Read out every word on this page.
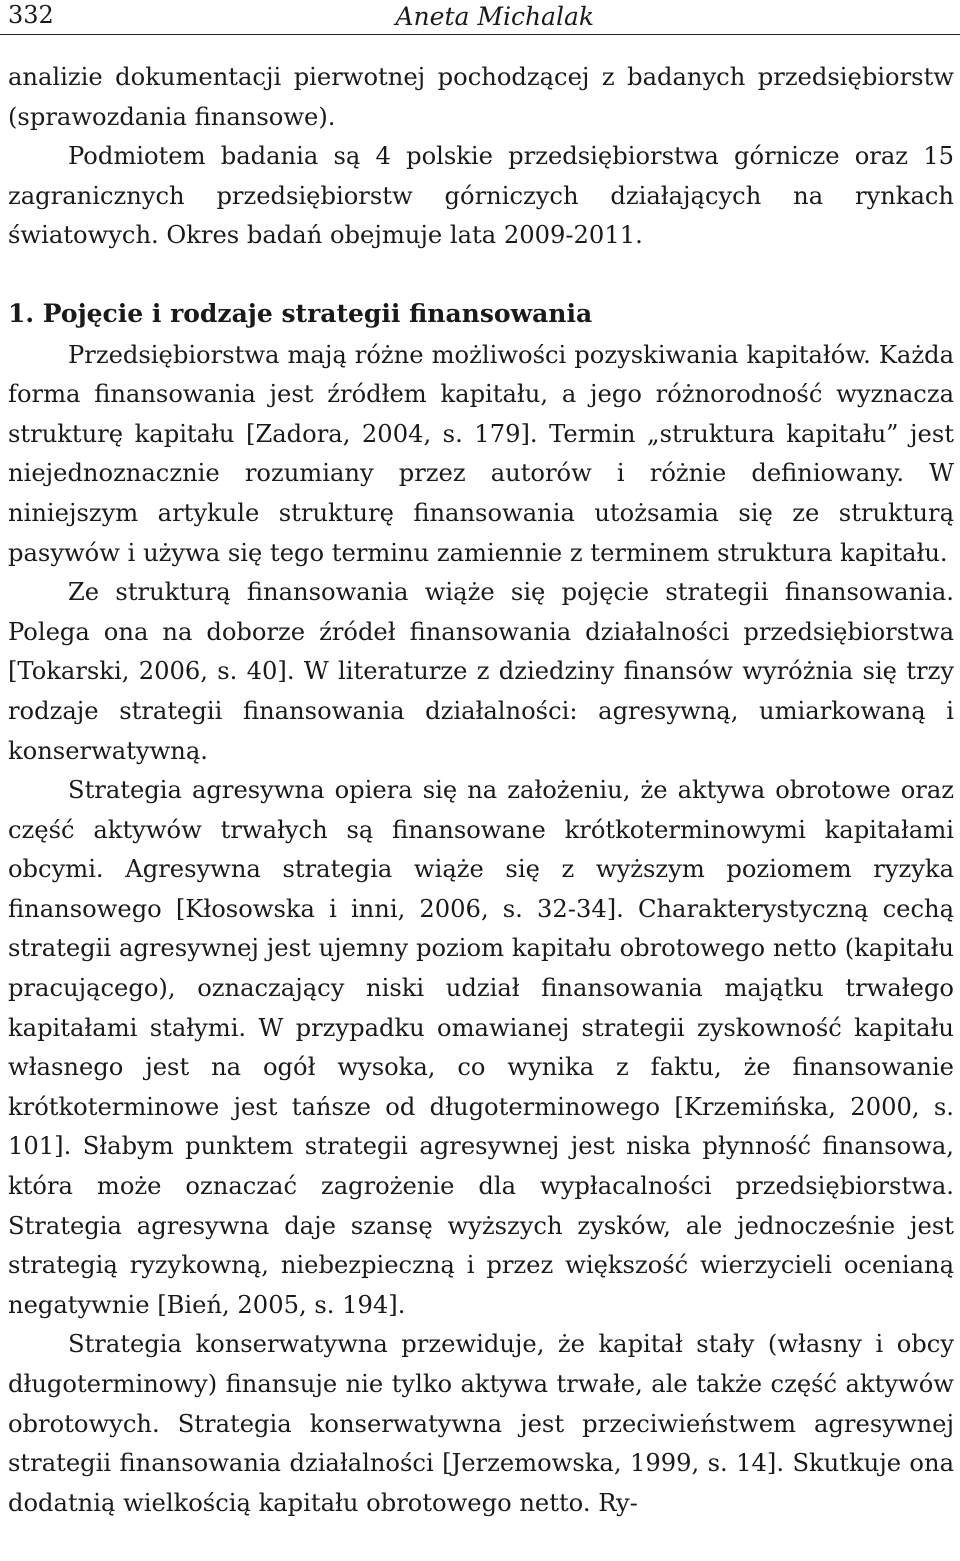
332	Aneta Michalak

analizie dokumentacji pierwotnej pochodzącej z badanych przedsiębiorstw (sprawozdania finansowe).

Podmiotem badania są 4 polskie przedsiębiorstwa górnicze oraz 15 zagranicznych przedsiębiorstw górniczych działających na rynkach światowych. Okres badań obejmuje lata 2009-2011.

1. Pojęcie i rodzaje strategii finansowania

Przedsiębiorstwa mają różne możliwości pozyskiwania kapitałów. Każda forma finansowania jest źródłem kapitału, a jego różnorodność wyznacza strukturę kapitału [Zadora, 2004, s. 179]. Termin „struktura kapitału” jest niejednoznacznie rozumiany przez autorów i różnie definiowany. W niniejszym artykule strukturę finansowania utożsamia się ze strukturą pasywów i używa się tego terminu zamiennie z terminem struktura kapitału.

Ze strukturą finansowania wiąże się pojęcie strategii finansowania. Polega ona na doborze źródeł finansowania działalności przedsiębiorstwa [Tokarski, 2006, s. 40]. W literaturze z dziedziny finansów wyróżnia się trzy rodzaje strategii finansowania działalności: agresywną, umiarkowaną i konserwatywną.

Strategia agresywna opiera się na założeniu, że aktywa obrotowe oraz część aktywów trwałych są finansowane krótkoterminowymi kapitałami obcymi. Agresywna strategia wiąże się z wyższym poziomem ryzyka finansowego [Kłosowska i inni, 2006, s. 32-34]. Charakterystyczną cechą strategii agresywnej jest ujemny poziom kapitału obrotowego netto (kapitału pracującego), oznaczający niski udział finansowania majątku trwałego kapitałami stałymi. W przypadku omawianej strategii zyskowność kapitału własnego jest na ogół wysoka, co wynika z faktu, że finansowanie krótkoterminowe jest tańsze od długoterminowego [Krzemińska, 2000, s. 101]. Słabym punktem strategii agresywnej jest niska płynność finansowa, która może oznaczać zagrożenie dla wypłacalności przedsiębiorstwa. Strategia agresywna daje szansę wyższych zysków, ale jednocześnie jest strategią ryzykowną, niebezpieczną i przez większość wierzycieli ocenianą negatywnie [Bień, 2005, s. 194].

Strategia konserwatywna przewiduje, że kapitał stały (własny i obcy długoterminowy) finansuje nie tylko aktywa trwałe, ale także część aktywów obrotowych. Strategia konserwatywna jest przeciwieństwem agresywnej strategii finansowania działalności [Jerzemowska, 1999, s. 14]. Skutkuje ona dodatnią wielkością kapitału obrotowego netto. Ry-
